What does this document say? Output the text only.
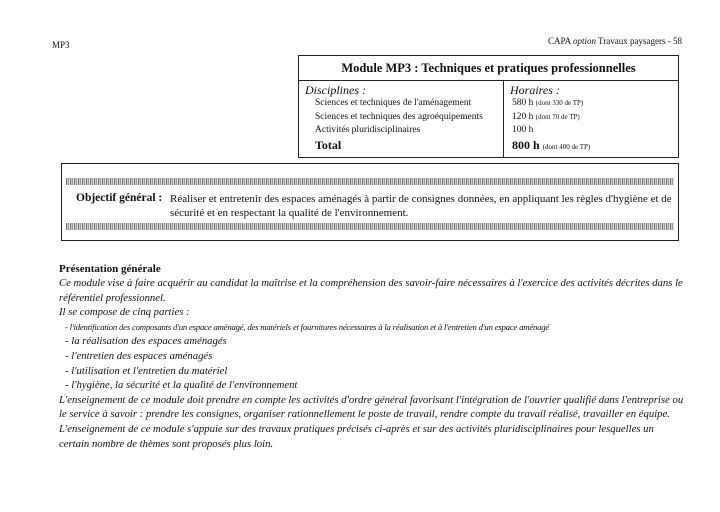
MP3	CAPA option Travaux paysagers - 58
Module MP3 : Techniques et pratiques professionnelles
Disciplines :
Sciences et techniques de l'aménagement
Sciences et techniques des agroéquipements
Activités pluridisciplinaires
Total
Horaires :
580 h (dont 330 de TP)
120 h (dont 70 de TP)
100 h
800 h (dont 400 de TP)
Objectif général : Réaliser et entretenir des espaces aménagés à partir de consignes données, en appliquant les règles d'hygiène et de sécurité et en respectant la qualité de l'environnement.
Présentation générale
Ce module vise à faire acquérir au candidat la maîtrise et la compréhension des savoir-faire nécessaires à l'exercice des activités décrites dans le référentiel professionnel.
Il se compose de cinq parties :
- l'identification des composants d'un espace aménagé, des matériels et fournitures nécessaires à la réalisation et à l'entretien d'un espace aménagé
- la réalisation des espaces aménagés
- l'entretien des espaces aménagés
- l'utilisation et l'entretien du matériel
- l'hygiène, la sécurité et la qualité de l'environnement
L'enseignement de ce module doit prendre en compte les activités d'ordre général favorisant l'intégration de l'ouvrier qualifié dans l'entreprise ou le service à savoir : prendre les consignes, organiser rationnellement le poste de travail, rendre compte du travail réalisé, travailler en équipe.
L'enseignement de ce module s'appuie sur des travaux pratiques précisés ci-après et sur des activités pluridisciplinaires pour lesquelles un certain nombre de thèmes sont proposés plus loin.
